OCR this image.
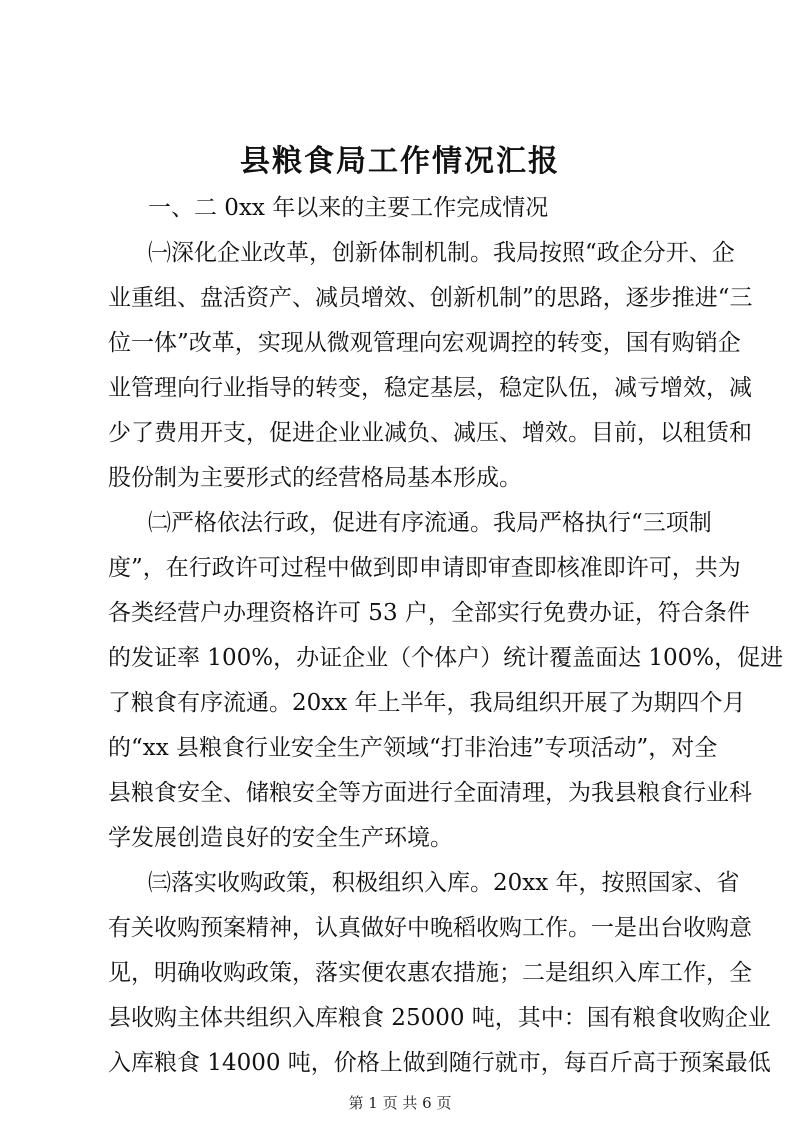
县粮食局工作情况汇报

一、二 0xx 年以来的主要工作完成情况

㈠深化企业改革，创新体制机制。我局按照“政企分开、企

业重组、盘活资产、减员增效、创新机制”的思路，逐步推进“三

位一体”改革，实现从微观管理向宏观调控的转变，国有购销企

业管理向行业指导的转变，稳定基层，稳定队伍，减亏增效，减

少了费用开支，促进企业业减负、减压、增效。目前，以租赁和

股份制为主要形式的经营格局基本形成。

㈡严格依法行政，促进有序流通。我局严格执行“三项制

度”，在行政许可过程中做到即申请即审查即核准即许可，共为

各类经营户办理资格许可 53 户，全部实行免费办证，符合条件

的发证率 100%，办证企业（个体户）统计覆盖面达 100%，促进

了粮食有序流通。20xx 年上半年，我局组织开展了为期四个月

的“xx 县粮食行业安全生产领域“打非治违”专项活动”，对全

县粮食安全、储粮安全等方面进行全面清理，为我县粮食行业科

学发展创造良好的安全生产环境。

㈢落实收购政策，积极组织入库。20xx 年，按照国家、省

有关收购预案精神，认真做好中晚稻收购工作。一是出台收购意

见，明确收购政策，落实便农惠农措施；二是组织入库工作，全

县收购主体共组织入库粮食 25000 吨，其中：国有粮食收购企业

入库粮食 14000 吨，价格上做到随行就市，每百斤高于预案最低

第 1 页 共 6 页
